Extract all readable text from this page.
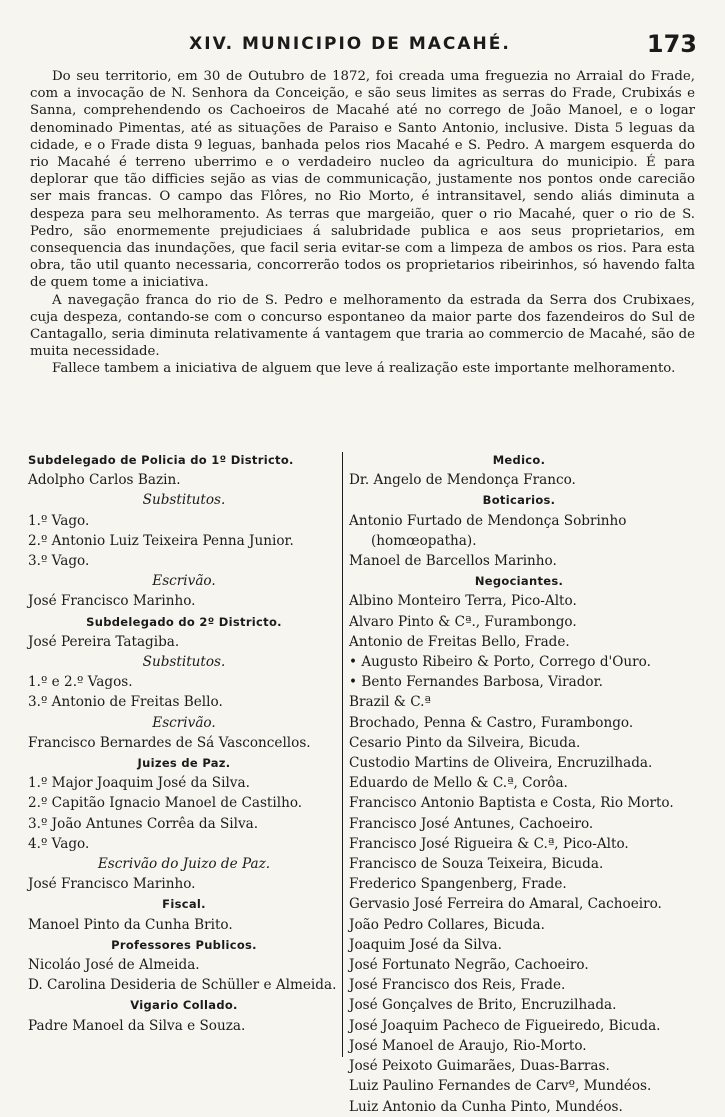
XIV. MUNICIPIO DE MACAHÉ.	173

Do seu territorio, em 30 de Outubro de 1872, foi creada uma freguezia no Arraial do Frade, com a invocação de N. Senhora da Conceição, e são seus limites as serras do Frade, Crubixás e Sanna, comprehendendo os Cachoeiros de Macahé até no corrego de João Manoel, e o logar denominado Pimentas, até as situações de Paraiso e Santo Antonio, inclusive. Dista 5 leguas da cidade, e o Frade dista 9 leguas, banhada pelos rios Macahé e S. Pedro. A margem esquerda do rio Macahé é terreno uberrimo e o verdadeiro nucleo da agricultura do municipio. É para deplorar que tão difficies sejão as vias de communicação, justamente nos pontos onde carecião ser mais francas. O campo das Flôres, no Rio Morto, é intransitavel, sendo aliás diminuta a despeza para seu melhoramento. As terras que margeião, quer o rio Macahé, quer o rio de S. Pedro, são enormemente prejudiciaes á salubridade publica e aos seus proprietarios, em consequencia das inundações, que facil seria evitar-se com a limpeza de ambos os rios. Para esta obra, tão util quanto necessaria, concorrerão todos os proprietarios ribeirinhos, só havendo falta de quem tome a iniciativa.

A navegação franca do rio de S. Pedro e melhoramento da estrada da Serra dos Crubixaes, cuja despeza, contando-se com o concurso espontaneo da maior parte dos fazendeiros do Sul de Cantagallo, seria diminuta relativamente á vantagem que traria ao commercio de Macahé, são de muita necessidade.

Fallece tambem a iniciativa de alguem que leve á realização este importante melhoramento.

Subdelegado de Policia do 1º Districto.
Adolpho Carlos Bazin.
Substitutos.
1.º Vago.
2.º Antonio Luiz Teixeira Penna Junior.
3.º Vago.
Escrivão.
José Francisco Marinho.
Subdelegado do 2º Districto.
José Pereira Tatagiba.
Substitutos.
1.º e 2.º Vagos.
3.º Antonio de Freitas Bello.
Escrivão.
Francisco Bernardes de Sá Vasconcellos.
Juizes de Paz.
1.º Major Joaquim José da Silva.
2.º Capitão Ignacio Manoel de Castilho.
3.º João Antunes Corrêa da Silva.
4.º Vago.
Escrivão do Juizo de Paz.
José Francisco Marinho.
Fiscal.
Manoel Pinto da Cunha Brito.
Professores Publicos.
Nicoláo José de Almeida.
D. Carolina Desideria de Schüller e Almeida.
Vigario Collado.
Padre Manoel da Silva e Souza.
Medico.
Dr. Angelo de Mendonça Franco.
Boticarios.
Antonio Furtado de Mendonça Sobrinho (homœopatha).
Manoel de Barcellos Marinho.
Negociantes.
Albino Monteiro Terra, Pico-Alto.
Alvaro Pinto & Cª., Furambongo.
Antonio de Freitas Bello, Frade.
• Augusto Ribeiro & Porto, Corrego d'Ouro.
• Bento Fernandes Barbosa, Virador.
Brazil & C.ª
Brochado, Penna & Castro, Furambongo.
Cesario Pinto da Silveira, Bicuda.
Custodio Martins de Oliveira, Encruzilhada.
Eduardo de Mello & C.ª, Corôa.
Francisco Antonio Baptista e Costa, Rio Morto.
Francisco José Antunes, Cachoeiro.
Francisco José Rigueira & C.ª, Pico-Alto.
Francisco de Souza Teixeira, Bicuda.
Frederico Spangenberg, Frade.
Gervasio José Ferreira do Amaral, Cachoeiro.
João Pedro Collares, Bicuda.
Joaquim José da Silva.
José Fortunato Negrão, Cachoeiro.
José Francisco dos Reis, Frade.
José Gonçalves de Brito, Encruzilhada.
José Joaquim Pacheco de Figueiredo, Bicuda.
José Manoel de Araujo, Rio-Morto.
José Peixoto Guimarães, Duas-Barras.
Luiz Paulino Fernandes de Carvº, Mundéos.
Luiz Antonio da Cunha Pinto, Mundéos.
